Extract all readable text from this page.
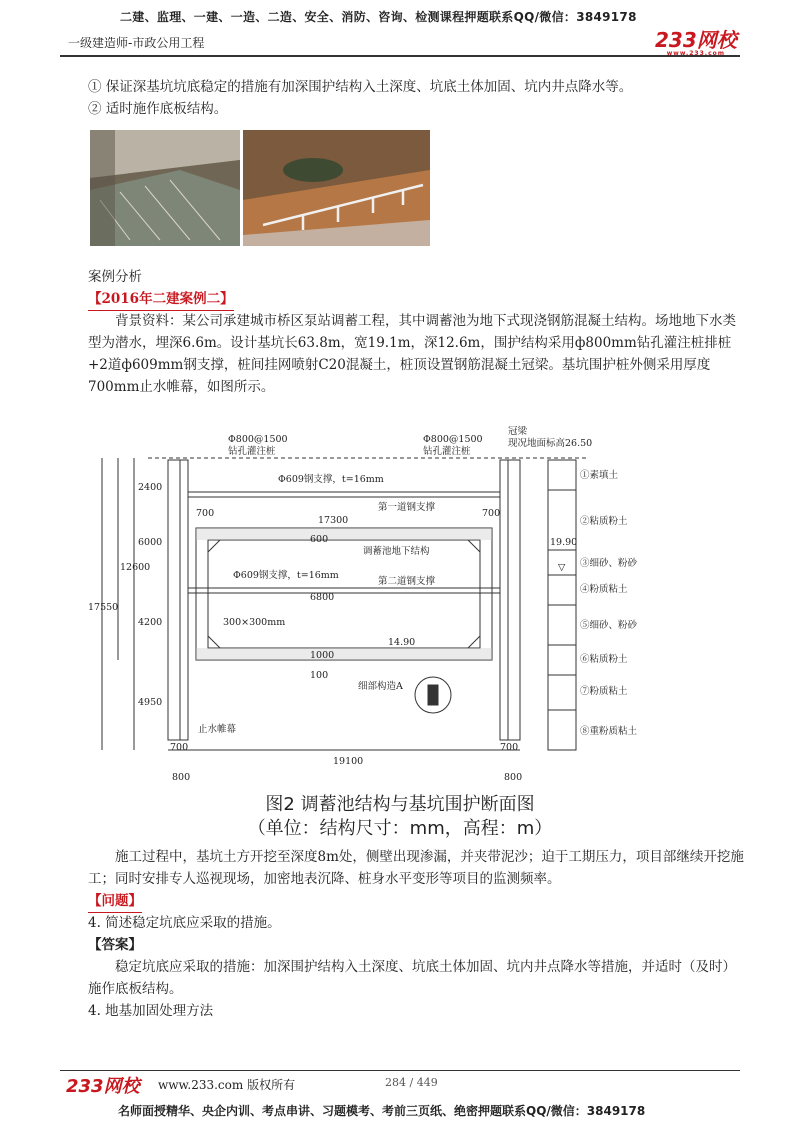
二建、监理、一建、一造、二造、安全、消防、咨询、检测课程押题联系QQ/微信：3849178
一级建造师-市政公用工程	233网校
www.233.com
① 保证深基坑坑底稳定的措施有加深围护结构入土深度、坑底土体加固、坑内井点降水等。
② 适时施作底板结构。
案例分析
【2016年二建案例二】
背景资料：某公司承建城市桥区泵站调蓄工程，其中调蓄池为地下式现浇钢筋混凝土结构。场地地下水类型为潜水，埋深6.6m。设计基坑长63.8m，宽19.1m，深12.6m，围护结构采用ф800mm钻孔灌注桩排桩+2道ф609mm钢支撑，桩间挂网喷射C20混凝土，桩顶设置钢筋混凝土冠梁。基坑围护桩外侧采用厚度700mm止水帷幕，如图所示。
Φ800@1500
钻孔灌注桩
Φ800@1500
钻孔灌注桩
冠梁
现况地面标高26.50
Φ609钢支撑，t=16mm
第一道钢支撑
Φ609钢支撑，t=16mm
第二道钢支撑
调蓄池地下结构
300×300mm
14.90
19.90
细部构造A
止水帷幕
17300
19100
700	700
700	700
800	800
600
6800
1000
100
2400
6000
4200
4950
12600
17550
①素填土
②粘质粉土
③细砂、粉砂
④粉质粘土
⑤细砂、粉砂
⑥粘质粉土
⑦粉质粘土
⑧重粉质粘土
▽
图2 调蓄池结构与基坑围护断面图
（单位：结构尺寸：mm，高程：m）
施工过程中，基坑土方开挖至深度8m处，侧壁出现渗漏，并夹带泥沙；迫于工期压力，项目部继续开挖施工；同时安排专人巡视现场，加密地表沉降、桩身水平变形等项目的监测频率。
【问题】
4. 简述稳定坑底应采取的措施。
【答案】
稳定坑底应采取的措施：加深围护结构入土深度、坑底土体加固、坑内井点降水等措施，并适时（及时）施作底板结构。
4. 地基加固处理方法
233网校 www.233.com 版权所有	284 / 449
名师面授精华、央企内训、考点串讲、习题模考、考前三页纸、绝密押题联系QQ/微信：3849178
